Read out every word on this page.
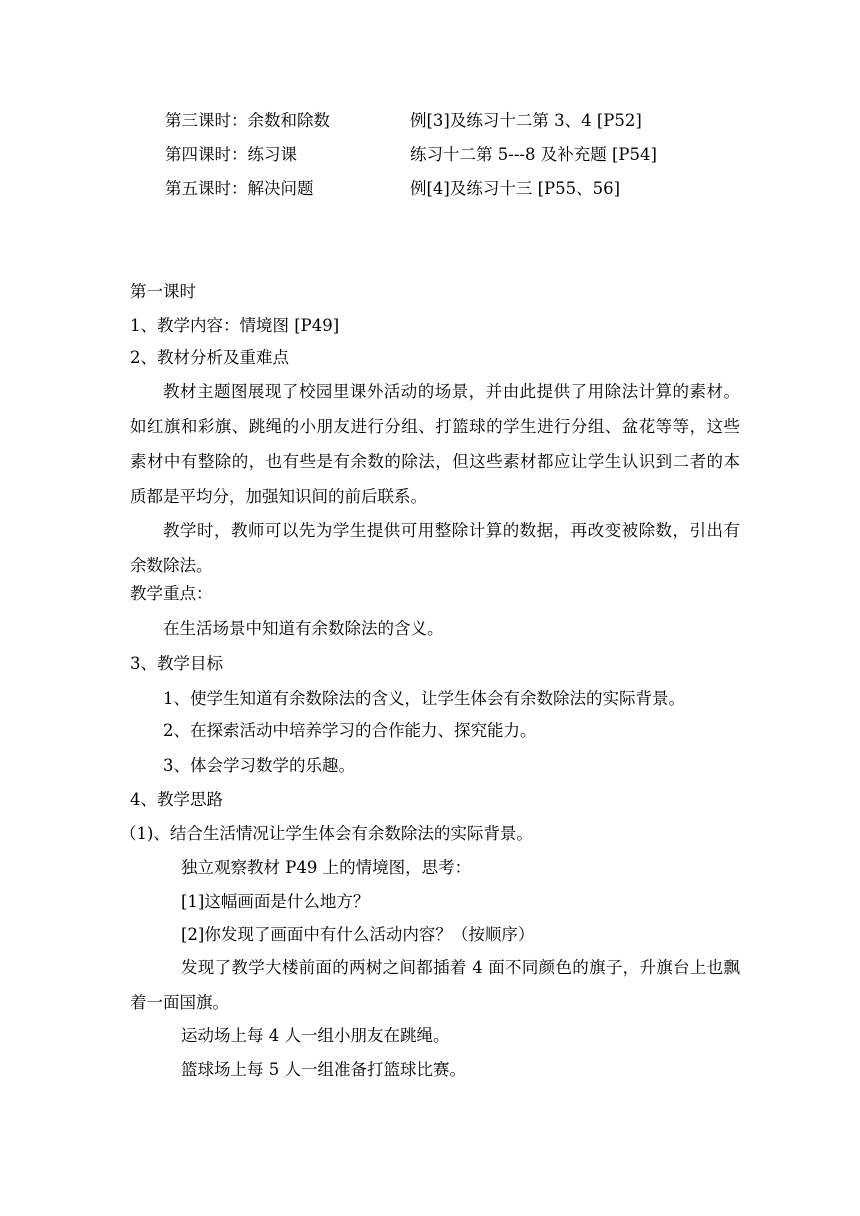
第三课时：余数和除数	例[3]及练习十二第 3、4 [P52]
第四课时：练习课	练习十二第 5---8 及补充题 [P54]
第五课时：解决问题	例[4]及练习十三 [P55、56]
第一课时
1、教学内容：情境图 [P49]
2、教材分析及重难点

教材主题图展现了校园里课外活动的场景，并由此提供了用除法计算的素材。如红旗和彩旗、跳绳的小朋友进行分组、打篮球的学生进行分组、盆花等等，这些素材中有整除的，也有些是有余数的除法，但这些素材都应让学生认识到二者的本质都是平均分，加强知识间的前后联系。

教学时，教师可以先为学生提供可用整除计算的数据，再改变被除数，引出有余数除法。

教学重点：
在生活场景中知道有余数除法的含义。
3、教学目标
1、使学生知道有余数除法的含义，让学生体会有余数除法的实际背景。
2、在探索活动中培养学习的合作能力、探究能力。
3、体会学习数学的乐趣。
4、教学思路
（1)、结合生活情况让学生体会有余数除法的实际背景。
独立观察教材 P49 上的情境图，思考：
[1]这幅画面是什么地方？
[2]你发现了画面中有什么活动内容？（按顺序）

发现了教学大楼前面的两树之间都插着 4 面不同颜色的旗子，升旗台上也飘着一面国旗。

运动场上每 4 人一组小朋友在跳绳。
篮球场上每 5 人一组准备打篮球比赛。
